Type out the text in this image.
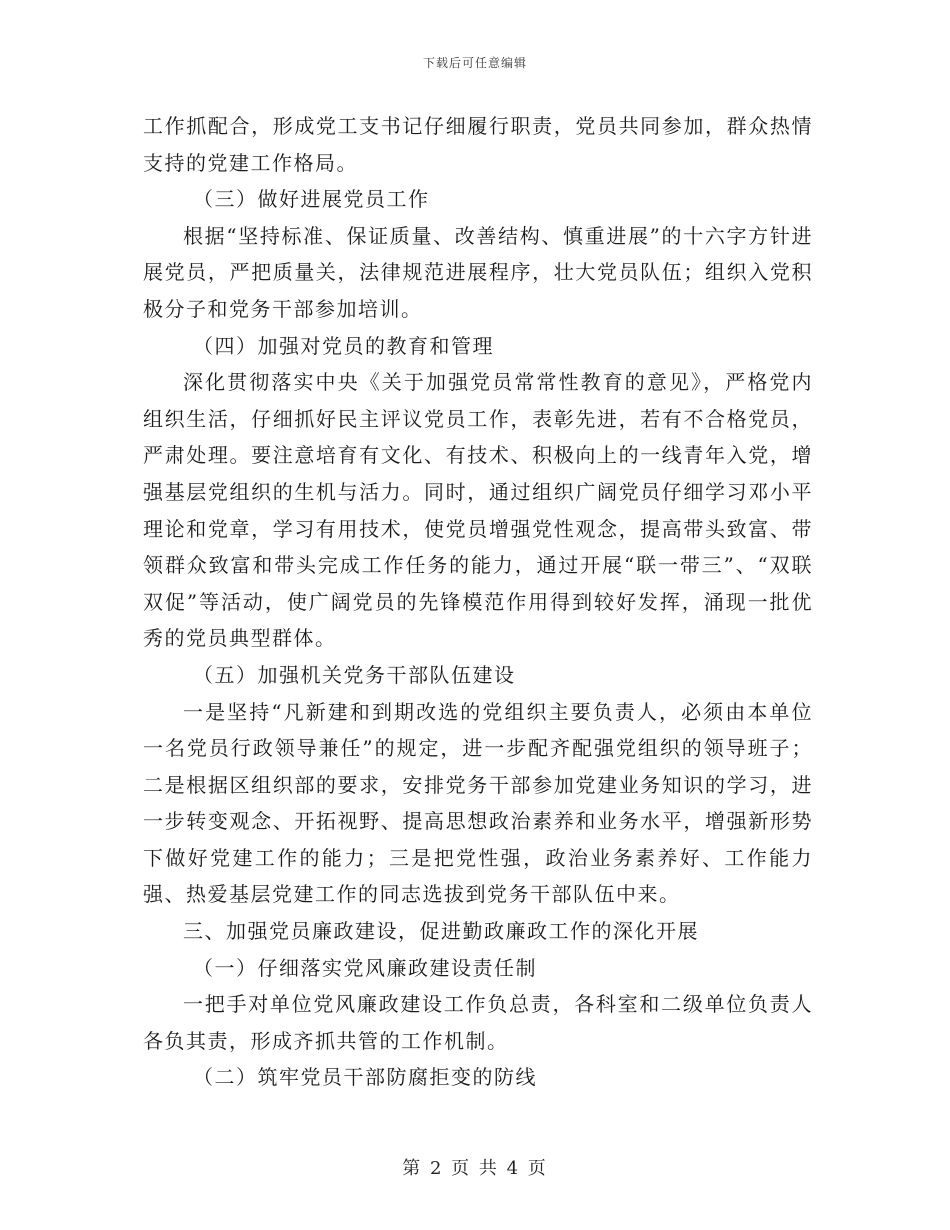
下载后可任意编辑

工作抓配合，形成党工支书记仔细履行职责，党员共同参加，群众热情支持的党建工作格局。

（三）做好进展党员工作

根据“坚持标准、保证质量、改善结构、慎重进展”的十六字方针进展党员，严把质量关，法律规范进展程序，壮大党员队伍；组织入党积极分子和党务干部参加培训。

（四）加强对党员的教育和管理

深化贯彻落实中央《关于加强党员常常性教育的意见》，严格党内组织生活，仔细抓好民主评议党员工作，表彰先进，若有不合格党员，严肃处理。要注意培育有文化、有技术、积极向上的一线青年入党，增强基层党组织的生机与活力。同时，通过组织广阔党员仔细学习邓小平理论和党章，学习有用技术，使党员增强党性观念，提高带头致富、带领群众致富和带头完成工作任务的能力，通过开展“联一带三”、“双联双促”等活动，使广阔党员的先锋模范作用得到较好发挥，涌现一批优秀的党员典型群体。

（五）加强机关党务干部队伍建设

一是坚持“凡新建和到期改选的党组织主要负责人，必须由本单位一名党员行政领导兼任”的规定，进一步配齐配强党组织的领导班子；二是根据区组织部的要求，安排党务干部参加党建业务知识的学习，进一步转变观念、开拓视野、提高思想政治素养和业务水平，增强新形势下做好党建工作的能力；三是把党性强，政治业务素养好、工作能力强、热爱基层党建工作的同志选拔到党务干部队伍中来。

三、加强党员廉政建设，促进勤政廉政工作的深化开展

（一）仔细落实党风廉政建设责任制

一把手对单位党风廉政建设工作负总责，各科室和二级单位负责人各负其责，形成齐抓共管的工作机制。

（二）筑牢党员干部防腐拒变的防线

第 2 页 共 4 页
